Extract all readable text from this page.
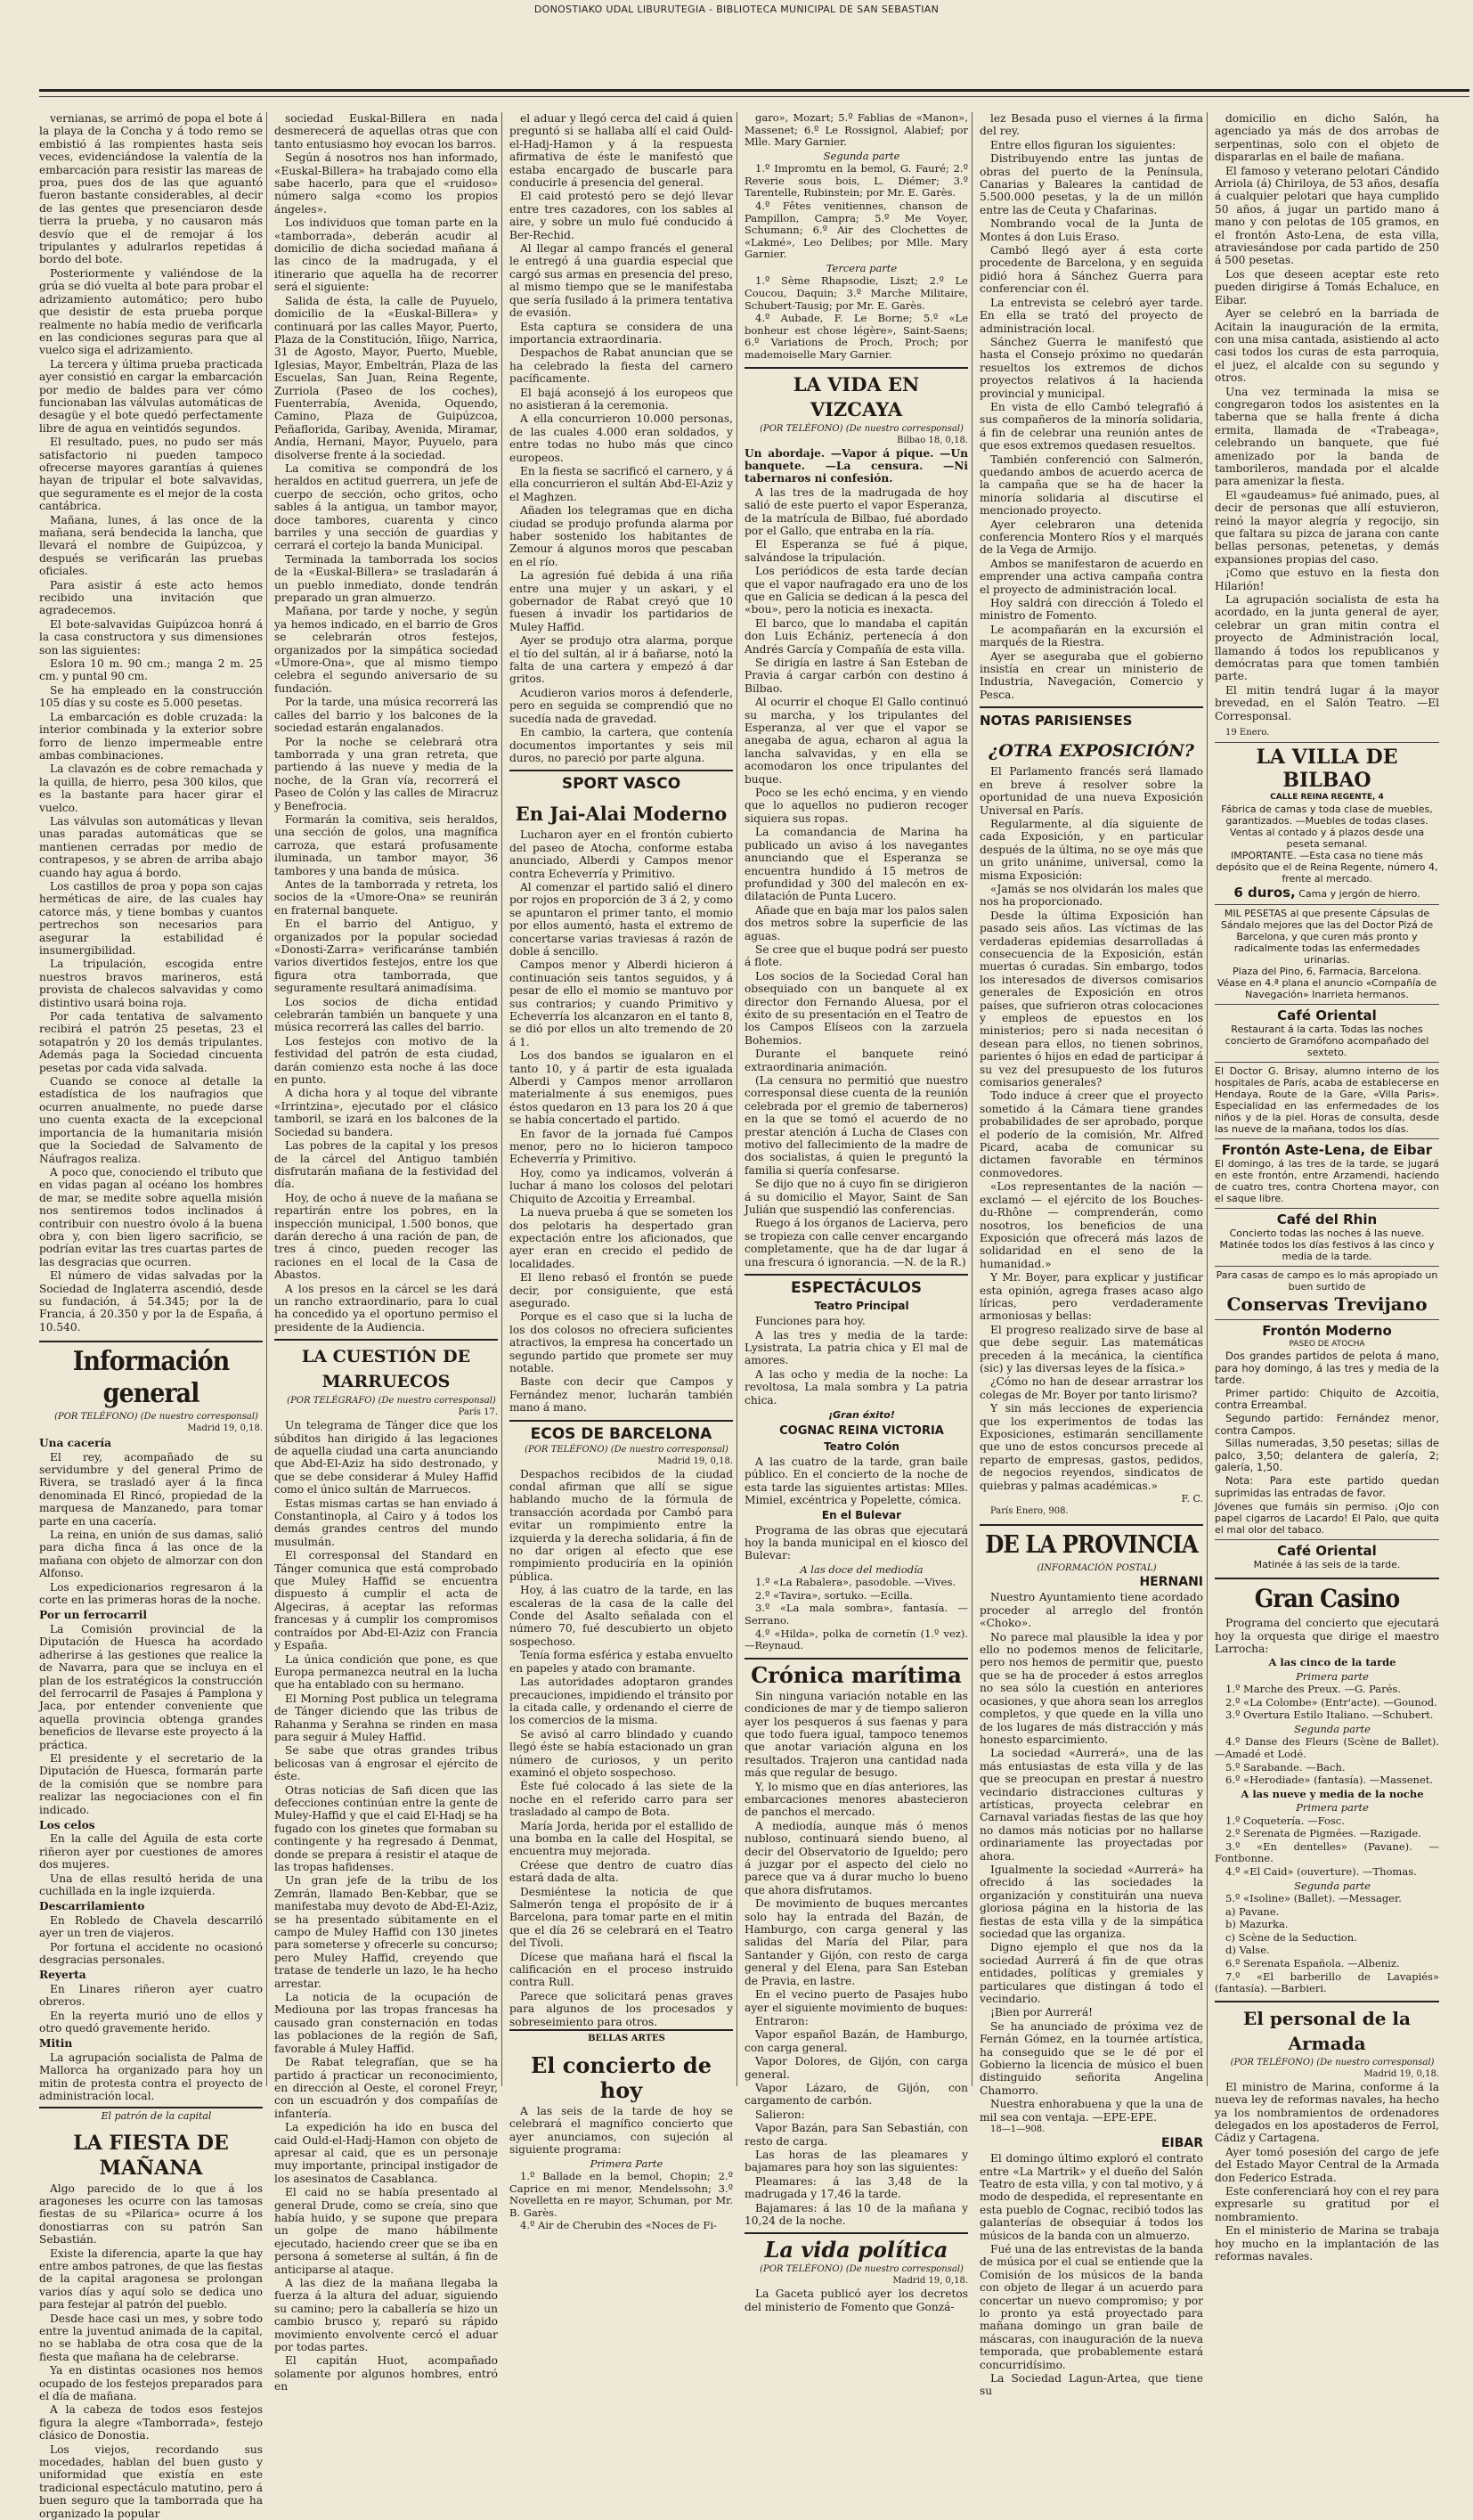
DONOSTIAKO UDAL LIBURUTEGIA - BIBLIOTECA MUNICIPAL DE SAN SEBASTIAN

vernianas, se arrimó de popa el bote á la playa de la Concha y á todo remo se embistió á las rompientes hasta seis veces, evidenciándose la valentía de la embarcación para resistir las mareas de proa, pues dos de las que aguantó fueron bastante considerables, al decir de las gentes que presenciaron desde tierra la prueba, y no causaron más desvío que el de remojar á los tripulantes y adulrarlos repetidas á bordo del bote.

Posteriormente y valiéndose de la grúa se dió vuelta al bote para probar el adrizamiento automático; pero hubo que desistir de esta prueba porque realmente no había medio de verificarla en las condiciones seguras para que al vuelco siga el adrizamiento.

La tercera y última prueba practicada ayer consistió en cargar la embarcación por medio de baldes para ver cómo funcionaban las válvulas automáticas de desagüe y el bote quedó perfectamente libre de agua en veintidós segundos.

El resultado, pues, no pudo ser más satisfactorio ni pueden tampoco ofrecerse mayores garantías á quienes hayan de tripular el bote salvavidas, que seguramente es el mejor de la costa cantábrica.

Mañana, lunes, á las once de la mañana, será bendecida la lancha, que llevará el nombre de Guipúzcoa, y después se verificarán las pruebas oficiales.

Para asistir á este acto hemos recibido una invitación que agradecemos.

El bote-salvavidas Guipúzcoa honrá á la casa constructora y sus dimensiones son las siguientes:

Eslora 10 m. 90 cm.; manga 2 m. 25 cm. y puntal 90 cm.

Se ha empleado en la construcción 105 días y su coste es 5.000 pesetas.

La embarcación es doble cruzada: la interior combinada y la exterior sobre forro de lienzo impermeable entre ambas combinaciones.

La clavazón es de cobre remachada y la quilla, de hierro, pesa 300 kilos, que es la bastante para hacer girar el vuelco.

Las válvulas son automáticas y llevan unas paradas automáticas que se mantienen cerradas por medio de contrapesos, y se abren de arriba abajo cuando hay agua á bordo.

Los castillos de proa y popa son cajas herméticas de aire, de las cuales hay catorce más, y tiene bombas y cuantos pertrechos son necesarios para asegurar la estabilidad é insumergibilidad.

La tripulación, escogida entre nuestros bravos marineros, está provista de chalecos salvavidas y como distintivo usará boina roja.

Por cada tentativa de salvamento recibirá el patrón 25 pesetas, 23 el sotapatrón y 20 los demás tripulantes. Además paga la Sociedad cincuenta pesetas por cada vida salvada.

Cuando se conoce al detalle la estadística de los naufragios que ocurren anualmente, no puede darse uno cuenta exacta de la excepcional importancia de la humanitaria misión que la Sociedad de Salvamento de Náufragos realiza.

A poco que, conociendo el tributo que en vidas pagan al océano los hombres de mar, se medite sobre aquella misión nos sentiremos todos inclinados á contribuir con nuestro óvolo á la buena obra y, con bien ligero sacrificio, se podrían evitar las tres cuartas partes de las desgracias que ocurren.

El número de vidas salvadas por la Sociedad de Inglaterra ascendió, desde su fundación, á 54.345; por la de Francia, á 20.350 y por la de España, á 10.540.

Información general

(POR TELÉFONO) (De nuestro corresponsal)

Madrid 19, 0,18.

Una cacería

El rey, acompañado de su servidumbre y del general Primo de Rivera, se trasladó ayer á la finca denominada El Rincó, propiedad de la marquesa de Manzanedo, para tomar parte en una cacería.

La reina, en unión de sus damas, salió para dicha finca á las once de la mañana con objeto de almorzar con don Alfonso.

Los expedicionarios regresaron á la corte en las primeras horas de la noche.

Por un ferrocarril

La Comisión provincial de la Diputación de Huesca ha acordado adherirse á las gestiones que realice la de Navarra, para que se incluya en el plan de los estratégicos la construcción del ferrocarril de Pasajes á Pamplona y Jaca, por entender conveniente que aquella provincia obtenga grandes beneficios de llevarse este proyecto á la práctica.

El presidente y el secretario de la Diputación de Huesca, formarán parte de la comisión que se nombre para realizar las negociaciones con el fin indicado.

Los celos

En la calle del Águila de esta corte riñeron ayer por cuestiones de amores dos mujeres.

Una de ellas resultó herida de una cuchillada en la ingle izquierda.

Descarrilamiento

En Robledo de Chavela descarriló ayer un tren de viajeros.

Por fortuna el accidente no ocasionó desgracias personales.

Reyerta

En Linares riñeron ayer cuatro obreros.

En la reyerta murió uno de ellos y otro quedó gravemente herido.

Mitin

La agrupación socialista de Palma de Mallorca ha organizado para hoy un mitin de protesta contra el proyecto de administración local.

El patrón de la capital

LA FIESTA DE MAÑANA

Algo parecido de lo que á los aragoneses les ocurre con las tamosas fiestas de su «Pilarica» ocurre á los donostiarras con su patrón San Sebastián.

Existe la diferencia, aparte la que hay entre ambos patrones, de que las fiestas de la capital aragonesa se prolongan varios días y aquí solo se dedica uno para festejar al patrón del pueblo.

Desde hace casi un mes, y sobre todo entre la juventud animada de la capital, no se hablaba de otra cosa que de la fiesta que mañana ha de celebrarse.

Ya en distintas ocasiones nos hemos ocupado de los festejos preparados para el día de mañana.

A la cabeza de todos esos festejos figura la alegre «Tamborrada», festejo clásico de Donostia.

Los viejos, recordando sus mocedades, hablan del buen gusto y uniformidad que existía en este tradicional espectáculo matutino, pero á buen seguro que la tamborrada que ha organizado la popular

sociedad Euskal-Billera en nada desmerecerá de aquellas otras que con tanto entusiasmo hoy evocan los barros.

Según á nosotros nos han informado, «Euskal-Billera» ha trabajado como ella sabe hacerlo, para que el «ruidoso» número salga «como los propios ángeles».

Los individuos que toman parte en la «tamborrada», deberán acudir al domicilio de dicha sociedad mañana á las cinco de la madrugada, y el itinerario que aquella ha de recorrer será el siguiente:

Salida de ésta, la calle de Puyuelo, domicilio de la «Euskal-Billera» y continuará por las calles Mayor, Puerto, Plaza de la Constitución, Iñigo, Narrica, 31 de Agosto, Mayor, Puerto, Mueble, Iglesias, Mayor, Embeltrán, Plaza de las Escuelas, San Juan, Reina Regente, Zurriola (Paseo de los coches), Fuenterrabía, Avenida, Oquendo, Camino, Plaza de Guipúzcoa, Peñaflorida, Garibay, Avenida, Miramar, Andía, Hernani, Mayor, Puyuelo, para disolverse frente á la sociedad.

La comitiva se compondrá de los heraldos en actitud guerrera, un jefe de cuerpo de sección, ocho gritos, ocho sables á la antigua, un tambor mayor, doce tambores, cuarenta y cinco barriles y una sección de guardias y cerrará el cortejo la banda Municipal.

Terminada la tamborrada los socios de la «Euskal-Billera» se trasladarán á un pueblo inmediato, donde tendrán preparado un gran almuerzo.

Mañana, por tarde y noche, y según ya hemos indicado, en el barrio de Gros se celebrarán otros festejos, organizados por la simpática sociedad «Umore-Ona», que al mismo tiempo celebra el segundo aniversario de su fundación.

Por la tarde, una música recorrerá las calles del barrio y los balcones de la sociedad estarán engalanados.

Por la noche se celebrará otra tamborrada y una gran retreta, que partiendo á las nueve y media de la noche, de la Gran vía, recorrerá el Paseo de Colón y las calles de Miracruz y Benefrocia.

Formarán la comitiva, seis heraldos, una sección de golos, una magnífica carroza, que estará profusamente iluminada, un tambor mayor, 36 tambores y una banda de música.

Antes de la tamborrada y retreta, los socios de la «Umore-Ona» se reunirán en fraternal banquete.

En el barrio del Antiguo, y organizados por la popular sociedad «Donosti-Zarra» verificaránse también varios divertidos festejos, entre los que figura otra tamborrada, que seguramente resultará animadísima.

Los socios de dicha entidad celebrarán también un banquete y una música recorrerá las calles del barrio.

Los festejos con motivo de la festividad del patrón de esta ciudad, darán comienzo esta noche á las doce en punto.

A dicha hora y al toque del vibrante «Irrintzina», ejecutado por el clásico tamboril, se izará en los balcones de la Sociedad su bandera.

Las pobres de la capital y los presos de la cárcel del Antiguo también disfrutarán mañana de la festividad del día.

Hoy, de ocho á nueve de la mañana se repartirán entre los pobres, en la inspección municipal, 1.500 bonos, que darán derecho á una ración de pan, de tres á cinco, pueden recoger las raciones en el local de la Casa de Abastos.

A los presos en la cárcel se les dará un rancho extraordinario, para lo cual ha concedido ya el oportuno permiso el presidente de la Audiencia.

LA CUESTIÓN DE MARRUECOS

(POR TELÉGRAFO) (De nuestro corresponsal)

París 17.

Un telegrama de Tánger dice que los súbditos han dirigido á las legaciones de aquella ciudad una carta anunciando que Abd-El-Aziz ha sido destronado, y que se debe considerar á Muley Haffid como el único sultán de Marruecos.

Estas mismas cartas se han enviado á Constantinopla, al Cairo y á todos los demás grandes centros del mundo musulmán.

El corresponsal del Standard en Tánger comunica que está comprobado que Muley Haffid se encuentra dispuesto á cumplir el acta de Algeciras, á aceptar las reformas francesas y á cumplir los compromisos contraídos por Abd-El-Aziz con Francia y España.

La única condición que pone, es que Europa permanezca neutral en la lucha que ha entablado con su hermano.

El Morning Post publica un telegrama de Tánger diciendo que las tribus de Rahanma y Serahna se rinden en masa para seguir á Muley Haffid.

Se sabe que otras grandes tribus belicosas van á engrosar el ejército de éste.

Otras noticias de Safi dicen que las defecciones continúan entre la gente de Muley-Haffid y que el caid El-Hadj se ha fugado con los ginetes que formaban su contingente y ha regresado á Denmat, donde se prepara á resistir el ataque de las tropas hafidenses.

Un gran jefe de la tribu de los Zemrán, llamado Ben-Kebbar, que se manifestaba muy devoto de Abd-El-Aziz, se ha presentado súbitamente en el campo de Muley Haffid con 130 jinetes para someterse y ofrecerle su concurso; pero Muley Haffid, creyendo que tratase de tenderle un lazo, le ha hecho arrestar.

La noticia de la ocupación de Mediouna por las tropas francesas ha causado gran consternación en todas las poblaciones de la región de Safi, favorable á Muley Haffid.

De Rabat telegrafían, que se ha partido á practicar un reconocimiento, en dirección al Oeste, el coronel Freyr, con un escuadrón y dos compañías de infantería.

La expedición ha ido en busca del caid Ould-el-Hadj-Hamon con objeto de apresar al caid, que es un personaje muy importante, principal instigador de los asesinatos de Casablanca.

El caid no se había presentado al general Drude, como se creía, sino que había huido, y se supone que prepara un golpe de mano hábilmente ejecutado, haciendo creer que se iba en persona á someterse al sultán, á fin de anticiparse al ataque.

A las diez de la mañana llegaba la fuerza á la altura del aduar, siguiendo su camino; pero la caballería se hizo un cambio brusco y, reparó su rápido movimiento envolvente cercó el aduar por todas partes.

El capitán Huot, acompañado solamente por algunos hombres, entró en

el aduar y llegó cerca del caid á quien preguntó si se hallaba allí el caid Ould-el-Hadj-Hamon y á la respuesta afirmativa de éste le manifestó que estaba encargado de buscarle para conducirle á presencia del general.

El caid protestó pero se dejó llevar entre tres cazadores, con los sables al aire, y sobre un mulo fué conducido á Ber-Rechid.

Al llegar al campo francés el general le entregó á una guardia especial que cargó sus armas en presencia del preso, al mismo tiempo que se le manifestaba que sería fusilado á la primera tentativa de evasión.

Esta captura se considera de una importancia extraordinaria.

Despachos de Rabat anuncian que se ha celebrado la fiesta del carnero pacíficamente.

El bajá aconsejó á los europeos que no asistieran á la ceremonia.

A ella concurrieron 10.000 personas, de las cuales 4.000 eran soldados, y entre todas no hubo más que cinco europeos.

En la fiesta se sacrificó el carnero, y á ella concurrieron el sultán Abd-El-Aziz y el Maghzen.

Añaden los telegramas que en dicha ciudad se produjo profunda alarma por haber sostenido los habitantes de Zemour á algunos moros que pescaban en el río.

La agresión fué debida á una riña entre una mujer y un askari, y el gobernador de Rabat creyó que 10 fuesen á invadir los partidarios de Muley Haffid.

Ayer se produjo otra alarma, porque el tío del sultán, al ir á bañarse, notó la falta de una cartera y empezó á dar gritos.

Acudieron varios moros á defenderle, pero en seguida se comprendió que no sucedía nada de gravedad.

En cambio, la cartera, que contenía documentos importantes y seis mil duros, no pareció por parte alguna.

SPORT VASCO
En Jai-Alai Moderno

Lucharon ayer en el frontón cubierto del paseo de Atocha, conforme estaba anunciado, Alberdi y Campos menor contra Echeverría y Primitivo.

Al comenzar el partido salió el dinero por rojos en proporción de 3 á 2, y como se apuntaron el primer tanto, el momio por ellos aumentó, hasta el extremo de concertarse varias traviesas á razón de doble á sencillo.

Campos menor y Alberdi hicieron á continuación seis tantos seguidos, y á pesar de ello el momio se mantuvo por sus contrarios; y cuando Primitivo y Echeverría los alcanzaron en el tanto 8, se dió por ellos un alto tremendo de 20 á 1.

Los dos bandos se igualaron en el tanto 10, y á partir de esta igualada Alberdi y Campos menor arrollaron materialmente á sus enemigos, pues éstos quedaron en 13 para los 20 á que se había concertado el partido.

En favor de la jornada fué Campos menor, pero no lo hicieron tampoco Echeverría y Primitivo.

Hoy, como ya indicamos, volverán á luchar á mano los colosos del pelotari Chiquito de Azcoitia y Erreambal.

La nueva prueba á que se someten los dos pelotaris ha despertado gran expectación entre los aficionados, que ayer eran en crecido el pedido de localidades.

El lleno rebasó el frontón se puede decir, por consiguiente, que está asegurado.

Porque es el caso que si la lucha de los dos colosos no ofreciera suficientes atractivos, la empresa ha concertado un segundo partido que promete ser muy notable.

Baste con decir que Campos y Fernández menor, lucharán también mano á mano.

ECOS DE BARCELONA

(POR TELÉFONO) (De nuestro corresponsal)

Madrid 19, 0,18.

Despachos recibidos de la ciudad condal afirman que allí se sigue hablando mucho de la fórmula de transacción acordada por Cambó para evitar un rompimiento entre la izquierda y la derecha solidaria, á fin de no dar origen al efecto que ese rompimiento produciría en la opinión pública.

Hoy, á las cuatro de la tarde, en las escaleras de la casa de la calle del Conde del Asalto señalada con el número 70, fué descubierto un objeto sospechoso.

Tenía forma esférica y estaba envuelto en papeles y atado con bramante.

Las autoridades adoptaron grandes precauciones, impidiendo el tránsito por la citada calle, y ordenando el cierre de los comercios de la misma.

Se avisó al carro blindado y cuando llegó éste se había estacionado un gran número de curiosos, y un perito examinó el objeto sospechoso.

Éste fué colocado á las siete de la noche en el referido carro para ser trasladado al campo de Bota.

María Jorda, herida por el estallido de una bomba en la calle del Hospital, se encuentra muy mejorada.

Créese que dentro de cuatro días estará dada de alta.

Desmiéntese la noticia de que Salmerón tenga el propósito de ir á Barcelona, para tomar parte en el mitin que el día 26 se celebrará en el Teatro del Tívoli.

Dícese que mañana hará el fiscal la calificación en el proceso instruido contra Rull.

Parece que solicitará penas graves para algunos de los procesados y sobreseimiento para otros.

BELLAS ARTES

El concierto de hoy

A las seis de la tarde de hoy se celebrará el magnífico concierto que ayer anunciamos, con sujeción al siguiente programa:

Primera Parte

1.º Ballade en la bemol, Chopin; 2.º Caprice en mi menor, Mendelssohn; 3.º Novelletta en re mayor, Schuman, por Mr. B. Garès.

4.º Air de Cherubin des «Noces de Fi-

garo», Mozart; 5.º Fablias de «Manon», Massenet; 6.º Le Rossignol, Alabief; por Mlle. Mary Garnier.

Segunda parte

1.º Impromtu en la bemol, G. Fauré; 2.º Reverie sous bois, L. Diémer; 3.º Tarentelle, Rubinstein; por Mr. E. Garès.

4.º Fêtes venitiennes, chanson de Pampillon, Campra; 5.º Me Voyer, Schumann; 6.º Air des Clochettes de «Lakmé», Leo Delibes; por Mlle. Mary Garnier.

Tercera parte

1.º Sème Rhapsodie, Liszt; 2.º Le Coucou, Daquin; 3.º Marche Militaire, Schubert-Tausig; por Mr. E. Garès.

4.º Aubade, F. Le Borne; 5.º «Le bonheur est chose légère», Saint-Saens; 6.º Variations de Proch, Proch; por mademoiselle Mary Garnier.

LA VIDA EN VIZCAYA

(POR TELÉFONO) (De nuestro corresponsal)

Bilbao 18, 0,18.

Un abordaje. —Vapor á pique. —Un banquete. —La censura. —Ni tabernaros ni confesión.

A las tres de la madrugada de hoy salió de este puerto el vapor Esperanza, de la matrícula de Bilbao, fué abordado por el Gallo, que entraba en la ría.

El Esperanza se fué á pique, salvándose la tripulación.

Los periódicos de esta tarde decían que el vapor naufragado era uno de los que en Galicia se dedican á la pesca del «bou», pero la noticia es inexacta.

El barco, que lo mandaba el capitán don Luis Echániz, pertenecía á don Andrés García y Compañía de esta villa.

Se dirigía en lastre á San Esteban de Pravia á cargar carbón con destino á Bilbao.

Al ocurrir el choque El Gallo continuó su marcha, y los tripulantes del Esperanza, al ver que el vapor se anegaba de agua, echaron al agua la lancha salvavidas, y en ella se acomodaron los once tripulantes del buque.

Poco se les echó encima, y en viendo que lo aquellos no pudieron recoger siquiera sus ropas.

La comandancia de Marina ha publicado un aviso á los navegantes anunciando que el Esperanza se encuentra hundido á 15 metros de profundidad y 300 del malecón en ex-dilatación de Punta Lucero.

Añade que en baja mar los palos salen dos metros sobre la superficie de las aguas.

Se cree que el buque podrá ser puesto á flote.

Los socios de la Sociedad Coral han obsequiado con un banquete al ex director don Fernando Aluesa, por el éxito de su presentación en el Teatro de los Campos Elíseos con la zarzuela Bohemios.

Durante el banquete reinó extraordinaria animación.

(La censura no permitió que nuestro corresponsal diese cuenta de la reunión celebrada por el gremio de taberneros) en la que se tomó el acuerdo de no prestar atención á Lucha de Clases con motivo del fallecimiento de la madre de dos socialistas, á quien le preguntó la familia si quería confesarse.

Se dijo que no á cuyo fin se dirigieron á su domicilio el Mayor, Saint de San Julián que suspendió las conferencias.

Ruego á los órganos de Lacierva, pero se tropieza con calle cenver encargando completamente, que ha de dar lugar á una frescura ó ignorancia. —N. de la R.)

ESPECTÁCULOS

Teatro Principal

Funciones para hoy.

A las tres y media de la tarde: Lysistrata, La patria chica y El mal de amores.

A las ocho y media de la noche: La revoltosa, La mala sombra y La patria chica.

¡Gran éxito!

COGNAC REINA VICTORIA

Teatro Colón

A las cuatro de la tarde, gran baile público. En el concierto de la noche de esta tarde las siguientes artistas: Mlles. Mimiel, excéntrica y Popelette, cómica.

En el Bulevar

Programa de las obras que ejecutará hoy la banda municipal en el kiosco del Bulevar:

A las doce del mediodía

1.º «La Rabalera», pasodoble. —Vives.

2.º «Tavira», sortuko. —Ecilla.

3.º «La mala sombra», fantasía. —Serrano.

4.º «Hilda», polka de cornetín (1.º vez). —Reynaud.

Crónica marítima

Sin ninguna variación notable en las condiciones de mar y de tiempo salieron ayer los pesqueros á sus faenas y para que todo fuera igual, tampoco tenemos que anotar variación alguna en los resultados. Trajeron una cantidad nada más que regular de besugo.

Y, lo mismo que en días anteriores, las embarcaciones menores abastecieron de panchos el mercado.

A mediodía, aunque más ó menos nubloso, continuará siendo bueno, al decir del Observatorio de Igueldo; pero á juzgar por el aspecto del cielo no parece que va á durar mucho lo bueno que ahora disfrutamos.

De movimiento de buques mercantes solo hay la entrada del Bazán, de Hamburgo, con carga general y las salidas del María del Pilar, para Santander y Gijón, con resto de carga general y del Elena, para San Esteban de Pravia, en lastre.

En el vecino puerto de Pasajes hubo ayer el siguiente movimiento de buques:

Entraron:

Vapor español Bazán, de Hamburgo, con carga general.

Vapor Dolores, de Gijón, con carga general.

Vapor Lázaro, de Gijón, con cargamento de carbón.

Salieron:

Vapor Bazán, para San Sebastián, con resto de carga.

Las horas de las pleamares y bajamares para hoy son las siguientes:

Pleamares: á las 3,48 de la madrugada y 17,46 la tarde.

Bajamares: á las 10 de la mañana y 10,24 de la noche.

La vida política

(POR TELÉFONO) (De nuestro corresponsal)

Madrid 19, 0,18.

La Gaceta publicó ayer los decretos del ministerio de Fomento que Gonzá-

lez Besada puso el viernes á la firma del rey.

Entre ellos figuran los siguientes:

Distribuyendo entre las juntas de obras del puerto de la Península, Canarias y Baleares la cantidad de 5.500.000 pesetas, y la de un millón entre las de Ceuta y Chafarinas.

Nombrando vocal de la Junta de Montes á don Luis Eraso.

Cambó llegó ayer á esta corte procedente de Barcelona, y en seguida pidió hora á Sánchez Guerra para conferenciar con él.

La entrevista se celebró ayer tarde. En ella se trató del proyecto de administración local.

Sánchez Guerra le manifestó que hasta el Consejo próximo no quedarán resueltos los extremos de dichos proyectos relativos á la hacienda provincial y municipal.

En vista de ello Cambó telegrafió á sus compañeros de la minoría solidaria, á fin de celebrar una reunión antes de que esos extremos quedasen resueltos.

También conferenció con Salmerón, quedando ambos de acuerdo acerca de la campaña que se ha de hacer la minoría solidaria al discutirse el mencionado proyecto.

Ayer celebraron una detenida conferencia Montero Ríos y el marqués de la Vega de Armijo.

Ambos se manifestaron de acuerdo en emprender una activa campaña contra el proyecto de administración local.

Hoy saldrá con dirección á Toledo el ministro de Fomento.

Le acompañarán en la excursión el marqués de la Riestra.

Ayer se aseguraba que el gobierno insistía en crear un ministerio de Industria, Navegación, Comercio y Pesca.

NOTAS PARISIENSES
¿OTRA EXPOSICIÓN?

El Parlamento francés será llamado en breve á resolver sobre la oportunidad de una nueva Exposición Universal en París.

Regularmente, al día siguiente de cada Exposición, y en particular después de la última, no se oye más que un grito unánime, universal, como la misma Exposición:

«Jamás se nos olvidarán los males que nos ha proporcionado.

Desde la última Exposición han pasado seis años. Las víctimas de las verdaderas epidemias desarrolladas á consecuencia de la Exposición, están muertas ó curadas. Sin embargo, todos los interesados de diversos comisarios generales de Exposición en otros países, que sufrieron otras colocaciones y empleos de epuestos en los ministerios; pero si nada necesitan ó desean para ellos, no tienen sobrinos, parientes ó hijos en edad de participar á su vez del presupuesto de los futuros comisarios generales?

Todo induce á creer que el proyecto sometido á la Cámara tiene grandes probabilidades de ser aprobado, porque el poderío de la comisión, Mr. Alfred Picard, acaba de comunicar su dictamen favorable en términos conmovedores.

«Los representantes de la nación — exclamó — el ejército de los Bouches-du-Rhône — comprenderán, como nosotros, los beneficios de una Exposición que ofrecerá más lazos de solidaridad en el seno de la humanidad.»

Y Mr. Boyer, para explicar y justificar esta opinión, agrega frases acaso algo líricas, pero verdaderamente armoniosas y bellas:

El progreso realizado sirve de base al que debe seguir. Las matemáticas preceden á la mecánica, la científica (sic) y las diversas leyes de la física.»

¿Cómo no han de desear arrastrar los colegas de Mr. Boyer por tanto lirismo?

Y sin más lecciones de experiencia que los experimentos de todas las Exposiciones, estimarán sencillamente que uno de estos concursos precede al reparto de empresas, gastos, pedidos, de negocios reyendos, sindicatos de quiebras y palmas académicas.»

F. C.

París Enero, 908.

DE LA PROVINCIA

(INFORMACIÓN POSTAL)

HERNANI

Nuestro Ayuntamiento tiene acordado proceder al arreglo del frontón «Choko».

No parece mal plausible la idea y por ello no podemos menos de felicitarle, pero nos hemos de permitir que, puesto que se ha de proceder á estos arreglos no sea sólo la cuestión en anteriores ocasiones, y que ahora sean los arreglos completos, y que quede en la villa uno de los lugares de más distracción y más honesto esparcimiento.

La sociedad «Aurrerá», una de las más entusiastas de esta villa y de las que se preocupan en prestar á nuestro vecindario distracciones culturas y artísticas, proyecta celebrar en Carnaval variadas fiestas de las que hoy no damos más noticias por no hallarse ordinariamente las proyectadas por ahora.

Igualmente la sociedad «Aurrerá» ha ofrecido á las sociedades la organización y constituirán una nueva gloriosa página en la historia de las fiestas de esta villa y de la simpática sociedad que las organiza.

Digno ejemplo el que nos da la sociedad Aurrerá á fin de que otras entidades, políticas y gremiales y particulares que distingan á todo el vecindario.

¡Bien por Aurrerá!

Se ha anunciado de próxima vez de Fernán Gómez, en la tournée artística, ha conseguido que se le dé por el Gobierno la licencia de músico el buen distinguido señorita Angelina Chamorro.

Nuestra enhorabuena y que la una de mil sea con ventaja. —EPE-EPE.

18—1—908.

EIBAR

El domingo último exploró el contrato entre «La Martrik» y el dueño del Salón Teatro de esta villa, y con tal motivo, y á modo de despedida, el representante en esta pueblo de Cognac, recibió todos las galanterías de obsequiar á todos los músicos de la banda con un almuerzo.

Fué una de las entrevistas de la banda de música por el cual se entiende que la Comisión de los músicos de la banda con objeto de llegar á un acuerdo para concertar un nuevo compromiso; y por lo pronto ya está proyectado para mañana domingo un gran baile de máscaras, con inauguración de la nueva temporada, que probablemente estará concurridísimo.

La Sociedad Lagun-Artea, que tiene su

domicilio en dicho Salón, ha agenciado ya más de dos arrobas de serpentinas, solo con el objeto de dispararlas en el baile de mañana.

El famoso y veterano pelotari Cándido Arriola (á) Chiriloya, de 53 años, desafía á cualquier pelotari que haya cumplido 50 años, á jugar un partido mano á mano y con pelotas de 105 gramos, en el frontón Asto-Lena, de esta villa, atraviesándose por cada partido de 250 á 500 pesetas.

Los que deseen aceptar este reto pueden dirigirse á Tomás Echaluce, en Eibar.

Ayer se celebró en la barriada de Acitain la inauguración de la ermita, con una misa cantada, asistiendo al acto casi todos los curas de esta parroquia, el juez, el alcalde con su segundo y otros.

Una vez terminada la misa se congregaron todos los asistentes en la taberna que se halla frente á dicha ermita, llamada de «Trabeaga», celebrando un banquete, que fué amenizado por la banda de tamborileros, mandada por el alcalde para amenizar la fiesta.

El «gaudeamus» fué animado, pues, al decir de personas que allí estuvieron, reinó la mayor alegría y regocijo, sin que faltara su pizca de jarana con cante bellas personas, petenetas, y demás expansiones propias del caso.

¡Como que estuvo en la fiesta don Hilarión!

La agrupación socialista de esta ha acordado, en la junta general de ayer, celebrar un gran mitin contra el proyecto de Administración local, llamando á todos los republicanos y demócratas para que tomen también parte.

El mitin tendrá lugar á la mayor brevedad, en el Salón Teatro. —El Corresponsal.

19 Enero.

LA VILLA DE BILBAO
CALLE REINA REGENTE, 4
Fábrica de camas y toda clase de muebles, garantizados. —Muebles de todas clases.
Ventas al contado y á plazos desde una peseta semanal.
IMPORTANTE. —Esta casa no tiene más depósito que el de Reina Regente, número 4, frente al mercado.
6 duros, Cama y jergón de hierro.
MIL PESETAS al que presente Cápsulas de Sándalo mejores que las del Doctor Pizá de Barcelona, y que curen más pronto y radicalmente todas las enfermedades urinarias.
Plaza del Pino, 6, Farmacia, Barcelona.
Véase en 4.ª plana el anuncio «Compañía de Navegación» Inarrieta hermanos.
Café Oriental
Restaurant á la carta. Todas las noches concierto de Gramófono acompañado del sexteto.
El Doctor G. Brisay, alumno interno de los hospitales de París, acaba de establecerse en Hendaya, Route de la Gare, «Villa Paris». Especialidad en las enfermedades de los niños y de la piel. Horas de consulta, desde las nueve de la mañana, todos los días.
Frontón Aste-Lena, de Eibar
El domingo, á las tres de la tarde, se jugará en este frontón, entre Arzamendi, haciendo de cuatro tres, contra Chortena mayor, con el saque libre.
Café del Rhin
Concierto todas las noches á las nueve. Matinée todos los días festivos á las cinco y media de la tarde.
Para casas de campo es lo más apropiado un buen surtido de
Conservas Trevijano
Frontón Moderno
PASEO DE ATOCHA

Dos grandes partidos de pelota á mano, para hoy domingo, á las tres y media de la tarde.

Primer partido: Chiquito de Azcoitia, contra Erreambal.

Segundo partido: Fernández menor, contra Campos.

Sillas numeradas, 3,50 pesetas; sillas de palco, 3,50; delantera de galería, 2; galería, 1,50.

Nota: Para este partido quedan suprimidas las entradas de favor.

Jóvenes que fumáis sin permiso. ¡Ojo con papel cigarros de Lacardo! El Palo, que quita el mal olor del tabaco.
Café Oriental
Matinée á las seis de la tarde.
Gran Casino

Programa del concierto que ejecutará hoy la orquesta que dirige el maestro Larrocha:

A las cinco de la tarde

Primera parte

1.º Marche des Preux. —G. Parés.

2.º «La Colombe» (Entr'acte). —Gounod.

3.º Overtura Estilo Italiano. —Schubert.

Segunda parte

4.º Danse des Fleurs (Scène de Ballet). —Amadé et Lodé.

5.º Sarabande. —Bach.

6.º «Herodiade» (fantasía). —Massenet.

A las nueve y media de la noche

Primera parte

1.º Coquetería. —Fosc.

2.º Serenata de Pigmées. —Razigade.

3.º «En dentelles» (Pavane). —Fontbonne.

4.º «El Caid» (ouverture). —Thomas.

Segunda parte

5.º «Isoline» (Ballet). —Messager.

a) Pavane.

b) Mazurka.

c) Scène de la Seduction.

d) Valse.

6.º Serenata Española. —Albeniz.

7.º «El barberillo de Lavapiés» (fantasía). —Barbieri.

El personal de la Armada

(POR TELÉFONO) (De nuestro corresponsal)

Madrid 19, 0,18.

El ministro de Marina, conforme á la nueva ley de reformas navales, ha hecho ya los nombramientos de ordenadores delegados en los apostaderos de Ferrol, Cádiz y Cartagena.

Ayer tomó posesión del cargo de jefe del Estado Mayor Central de la Armada don Federico Estrada.

Este conferenciará hoy con el rey para expresarle su gratitud por el nombramiento.

En el ministerio de Marina se trabaja hoy mucho en la implantación de las reformas navales.
